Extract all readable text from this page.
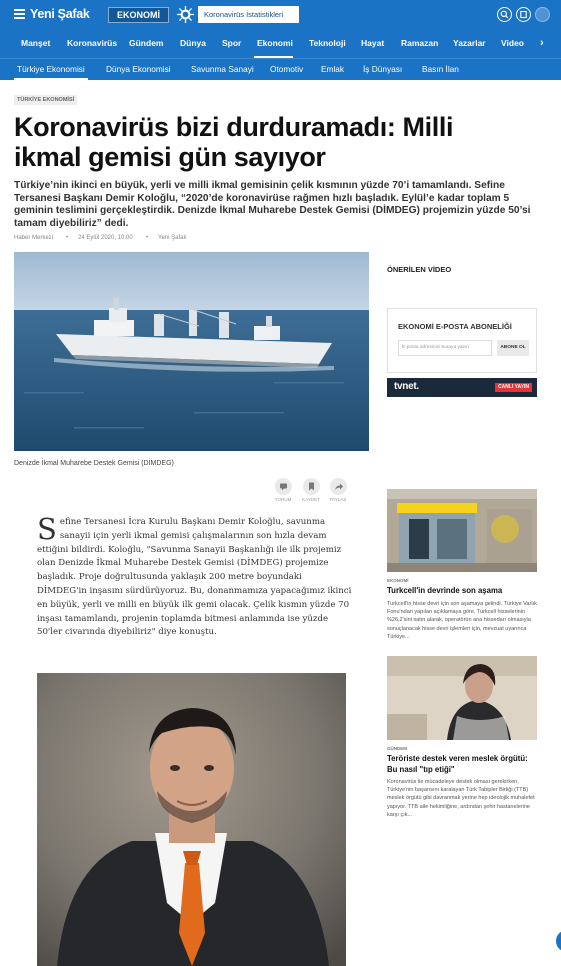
Yeni Şafak	EKONOMİ	Koronavirüs İstatistikleri
Manşet Koronavirüs Gündem Dünya Spor Ekonomi Teknoloji Hayat Ramazan Yazarlar Video ›
Türkiye Ekonomisi	Dünya Ekonomisi Savunma Sanayi Otomotiv Emlak İş Dünyası Basın İlan
TÜRKİYE EKONOMİSİ
Koronavirüs bizi durduramadı: Milli ikmal gemisi gün sayıyor

Türkiye’nin ikinci en büyük, yerli ve milli ikmal gemisinin çelik kısmının yüzde 70’i tamamlandı. Sefine Tersanesi Başkanı Demir Koloğlu, “2020’de koronavirüse rağmen hızlı başladık. Eylül’e kadar toplam 5 geminin teslimini gerçekleştirdik. Denizde İkmal Muharebe Destek Gemisi (DİMDEG) projemizin yüzde 50’si tamam diyebiliriz” dedi.

Haber Merkezi • 24 Eylül 2020, 10:00 • Yeni Şafak
Denizde İkmal Muharebe Destek Gemisi (DİMDEG)
YORUM	KAYDET	PAYLAŞ
Sefine Tersanesi İcra Kurulu Başkanı Demir Koloğlu, savunma sanayii için yerli ikmal gemisi çalışmalarının son hızla devam ettiğini bildirdi. Koloğlu, "Savunma Sanayii Başkanlığı ile ilk projemiz olan Denizde İkmal Muharebe Destek Gemisi (DİMDEG) projemize başladık. Proje doğrultusunda yaklaşık 200 metre boyundaki DİMDEG'in inşasını sürdürüyoruz. Bu, donanmamıza yapacağımız ikinci en büyük, yerli ve milli en büyük ilk gemi olacak. Çelik kısmın yüzde 70 inşası tamamlandı, projenin toplamda bitmesi anlamında ise yüzde 50'ler civarında diyebiliriz" diye konuştu.
ÖNERİLEN VİDEO
EKONOMİ E-POSTA ABONELİĞİ
E-posta adresinizi buraya yazın	ABONE OL
tvnet.	CANLI YAYIN
EKONOMİ
Turkcell'in devrinde son aşama
Turkcell'in hisse devri için son aşamaya gelindi. Türkiye Varlık Fonu'ndan yapılan açıklamaya göre, Turkcell hisselerinin %26,2'sini satın alarak, operatörün ana hissedarı olmasıyla sonuçlanacak hisse devri işlemleri için, mevzuat uyarınca Türkiye...
GÜNDEM
Teröriste destek veren meslek örgütü: Bu nasıl "tıp etiği"
Koronavirüs ile mücadeleye destek olması gerekirken, Türkiye'nin başarısını karalayan Türk Tabipler Birliği (TTB) meslek örgütü gibi davranmak yerine hep ideolojik muhalefet yapıyor. TTB aile hekimliğine, ardından şehir hastanelerine karşı çık...
